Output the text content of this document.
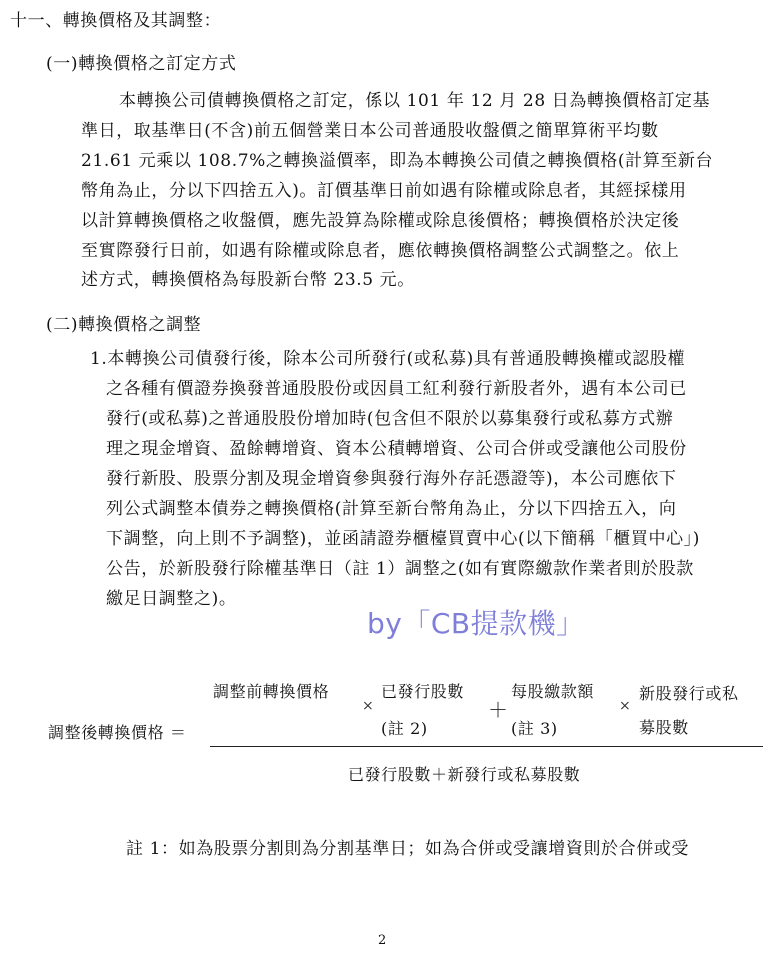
十一、轉換價格及其調整：
(一)轉換價格之訂定方式
本轉換公司債轉換價格之訂定，係以 101 年 12 月 28 日為轉換價格訂定基
準日，取基準日(不含)前五個營業日本公司普通股收盤價之簡單算術平均數
21.61 元乘以 108.7%之轉換溢價率，即為本轉換公司債之轉換價格(計算至新台
幣角為止，分以下四捨五入)。訂價基準日前如遇有除權或除息者，其經採樣用
以計算轉換價格之收盤價，應先設算為除權或除息後價格；轉換價格於決定後
至實際發行日前，如遇有除權或除息者，應依轉換價格調整公式調整之。依上
述方式，轉換價格為每股新台幣 23.5 元。
(二)轉換價格之調整
1.本轉換公司債發行後，除本公司所發行(或私募)具有普通股轉換權或認股權
之各種有價證券換發普通股股份或因員工紅利發行新股者外，遇有本公司已
發行(或私募)之普通股股份增加時(包含但不限於以募集發行或私募方式辦
理之現金增資、盈餘轉增資、資本公積轉增資、公司合併或受讓他公司股份
發行新股、股票分割及現金增資參與發行海外存託憑證等)，本公司應依下
列公式調整本債券之轉換價格(計算至新台幣角為止，分以下四捨五入，向
下調整，向上則不予調整)，並函請證券櫃檯買賣中心(以下簡稱「櫃買中心」)
公告，於新股發行除權基準日（註 1）調整之(如有實際繳款作業者則於股款
繳足日調整之)。
by「CB提款機」
調整後轉換價格 ＝
調整前轉換價格
×
已發行股數
(註 2)
＋
每股繳款額
(註 3)
×
新股發行或私
募股數
已發行股數＋新發行或私募股數
註 1：如為股票分割則為分割基準日；如為合併或受讓增資則於合併或受
2
